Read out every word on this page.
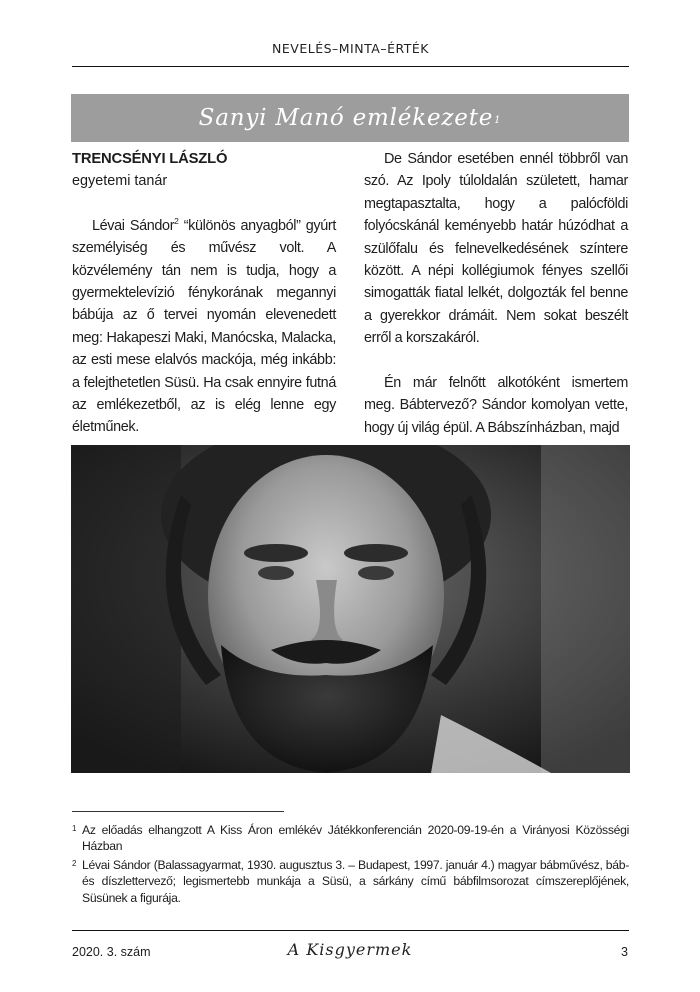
NEVELÉS–MINTA–ÉRTÉK
Sanyi Manó emlékezete$^1$
TRENCSÉNYI LÁSZLÓ
egyetemi tanár

Lévai Sándor$^2$ “különös anyagból” gyúrt személyiség és művész volt. A közvélemény tán nem is tudja, hogy a gyermektelevízió fénykorának megannyi bábúja az ő tervei nyomán elevenedett meg: Hakapeszi Maki, Manócska, Malacka, az esti mese elalvós mackója, még inkább: a felejthetetlen Süsü. Ha csak ennyire futná az emlékezetből, az is elég lenne egy életműnek.

De Sándor esetében ennél többről van szó. Az Ipoly túloldalán született, hamar megtapasztalta, hogy a palócföldi folyócskánál keményebb határ húzódhat a szülőfalu és felnevelkedésének színtere között. A népi kollégiumok fényes szellői simogatták fiatal lelkét, dolgozták fel benne a gyerekkor drámáit. Nem sokat beszélt erről a korszakáról.

Én már felnőtt alkotóként ismertem meg. Bábtervező? Sándor komolyan vette, hogy új világ épül. A Bábszínházban, majd

1 Az előadás elhangzott A Kiss Áron emlékév Játékkonferencián 2020-09-19-én a Virányosi Közösségi Házban
2 Lévai Sándor (Balassagyarmat, 1930. augusztus 3. – Budapest, 1997. január 4.) magyar bábművész, báb- és díszlettervező; legismertebb munkája a Süsü, a sárkány című bábfilmsorozat címszereplőjének, Süsünek a figurája.
2020. 3. szám	A Kisgyermek	3
